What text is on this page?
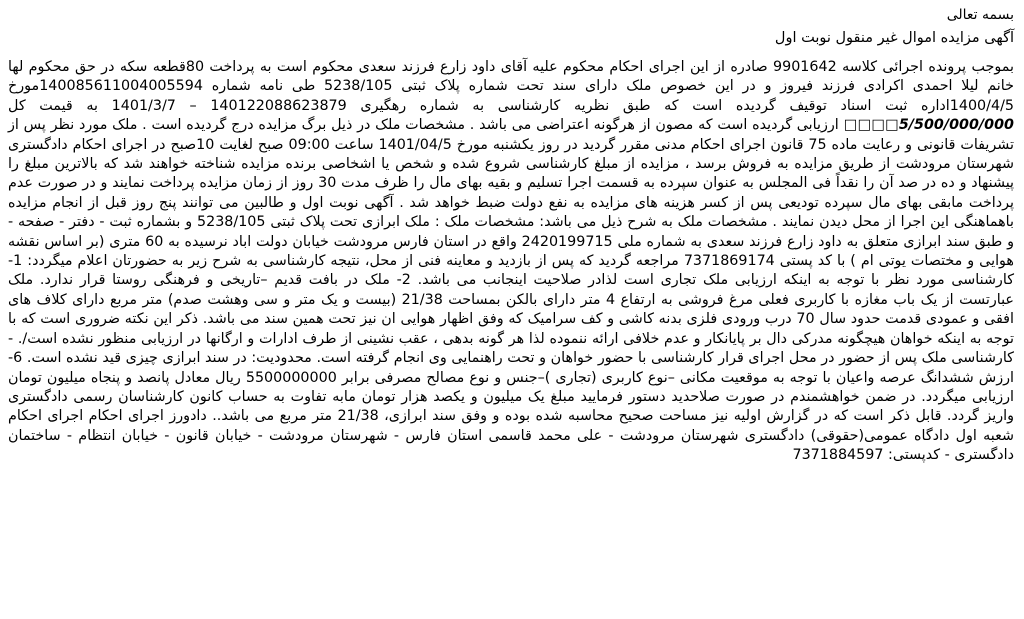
بسمه تعالی

آگهی مزایده اموال غیر منقول نوبت اول

بموجب پرونده اجرائی کلاسه 9901642 صادره از این اجرای احکام محکوم علیه آقای داود زارع فرزند سعدی محکوم است به پرداخت 80قطعه سکه در حق محکوم لها خانم لیلا احمدی اکرادی فرزند فیروز و در این خصوص ملک دارای سند تحت شماره پلاک ثبتی 5238/105 طی نامه شماره 140085611004005594مورخ 1400/4/5اداره ثبت اسناد توقیف گردیده است که طبق نظریه کارشناسی به شماره رهگیری 140122088623879 – 1401/3/7 به قیمت کل 5/500/000/000□□□□ ارزیابی گردیده است که مصون از هرگونه اعتراضی می باشد . مشخصات ملک در ذیل برگ مزایده درج گردیده است . ملک مورد نظر پس از تشریفات قانونی و رعایت ماده 75 قانون اجرای احکام مدنی مقرر گردید در روز یکشنبه مورخ 1401/04/5 ساعت 09:00 صبح لغایت 10صبح در اجرای احکام دادگستری شهرستان مرودشت از طریق مزایده به فروش برسد ، مزایده از مبلغ کارشناسی شروع شده و شخص یا اشخاصی برنده مزایده شناخته خواهند شد که بالاترین مبلغ را پیشنهاد و ده در صد آن را نقداً فی المجلس به عنوان سپرده به قسمت اجرا تسلیم و بقیه بهای مال را ظرف مدت 30 روز از زمان مزایده پرداخت نمایند و در صورت عدم پرداخت مابقی بهای مال سپرده تودیعی پس از کسر هزینه های مزایده به نفع دولت ضبط خواهد شد . آگهی نوبت اول و طالبین می توانند پنج روز قبل از انجام مزایده باهماهنگی این اجرا از محل دیدن نمایند . مشخصات ملک به شرح ذیل می باشد: مشخصات ملک : ملک ابرازی تحت پلاک ثبتی 5238/105 و بشماره ثبت - دفتر - صفحه - و طبق سند ابرازی متعلق به داود زارع فرزند سعدی به شماره ملی 2420199715 واقع در استان فارس مرودشت خیابان دولت اباد نرسیده به 60 متری (بر اساس نقشه هوایی و مختصات یوتی ام ) با کد پستی 7371869174 مراجعه گردید که پس از بازدید و معاینه فنی از محل، نتیجه کارشناسی به شرح زیر به حضورتان اعلام میگردد: 1- کارشناسی مورد نظر با توجه به اینکه ارزیابی ملک تجاری است لذادر صلاحیت اینجانب می باشد. 2- ملک در بافت قدیم –تاریخی و فرهنگی روستا قرار ندارد. ملک عبارتست از یک باب مغازه با کاربری فعلی مرغ فروشی به ارتفاع 4 متر دارای بالکن بمساحت 21/38 (بیست و یک متر و سی وهشت صدم) متر مربع دارای کلاف های افقی و عمودی قدمت حدود سال 70 درب ورودی فلزی بدنه کاشی و کف سرامیک که وفق اظهار هوایی ان نیز تحت همین سند می باشد. ذکر این نکته ضروری است که با توجه به اینکه خواهان هیچگونه مدرکی دال بر پایانکار و عدم خلافی ارائه ننموده لذا هر گونه بدهی ، عقب نشینی از طرف ادارات و ارگانها در ارزیابی منظور نشده است/. - کارشناسی ملک پس از حضور در محل اجرای قرار کارشناسی با حضور خواهان و تحت راهنمایی وی انجام گرفته است. محدودیت: در سند ابرازی چیزی قید نشده است. 6- ارزش ششدانگ عرصه واعیان با توجه به موقعیت مکانی –نوع کاربری (تجاری )–جنس و نوع مصالح مصرفی برابر 5500000000 ریال معادل پانصد و پنجاه میلیون تومان ارزیابی میگردد. در ضمن خواهشمندم در صورت صلاحدید دستور فرمایید مبلغ یک میلیون و یکصد هزار تومان مابه تفاوت به حساب کانون کارشناسان رسمی دادگستری واریز گردد. قابل ذکر است که در گزارش اولیه نیز مساحت صحیح محاسبه شده بوده و وفق سند ابرازی، 21/38 متر مربع می باشد.. دادورز اجرای احکام اجرای احکام شعبه اول دادگاه عمومی(حقوقی) دادگستری شهرستان مرودشت - علی محمد قاسمی استان فارس - شهرستان مرودشت - خیابان قانون - خیابان انتظام - ساختمان دادگستری - کدپستی: 7371884597
